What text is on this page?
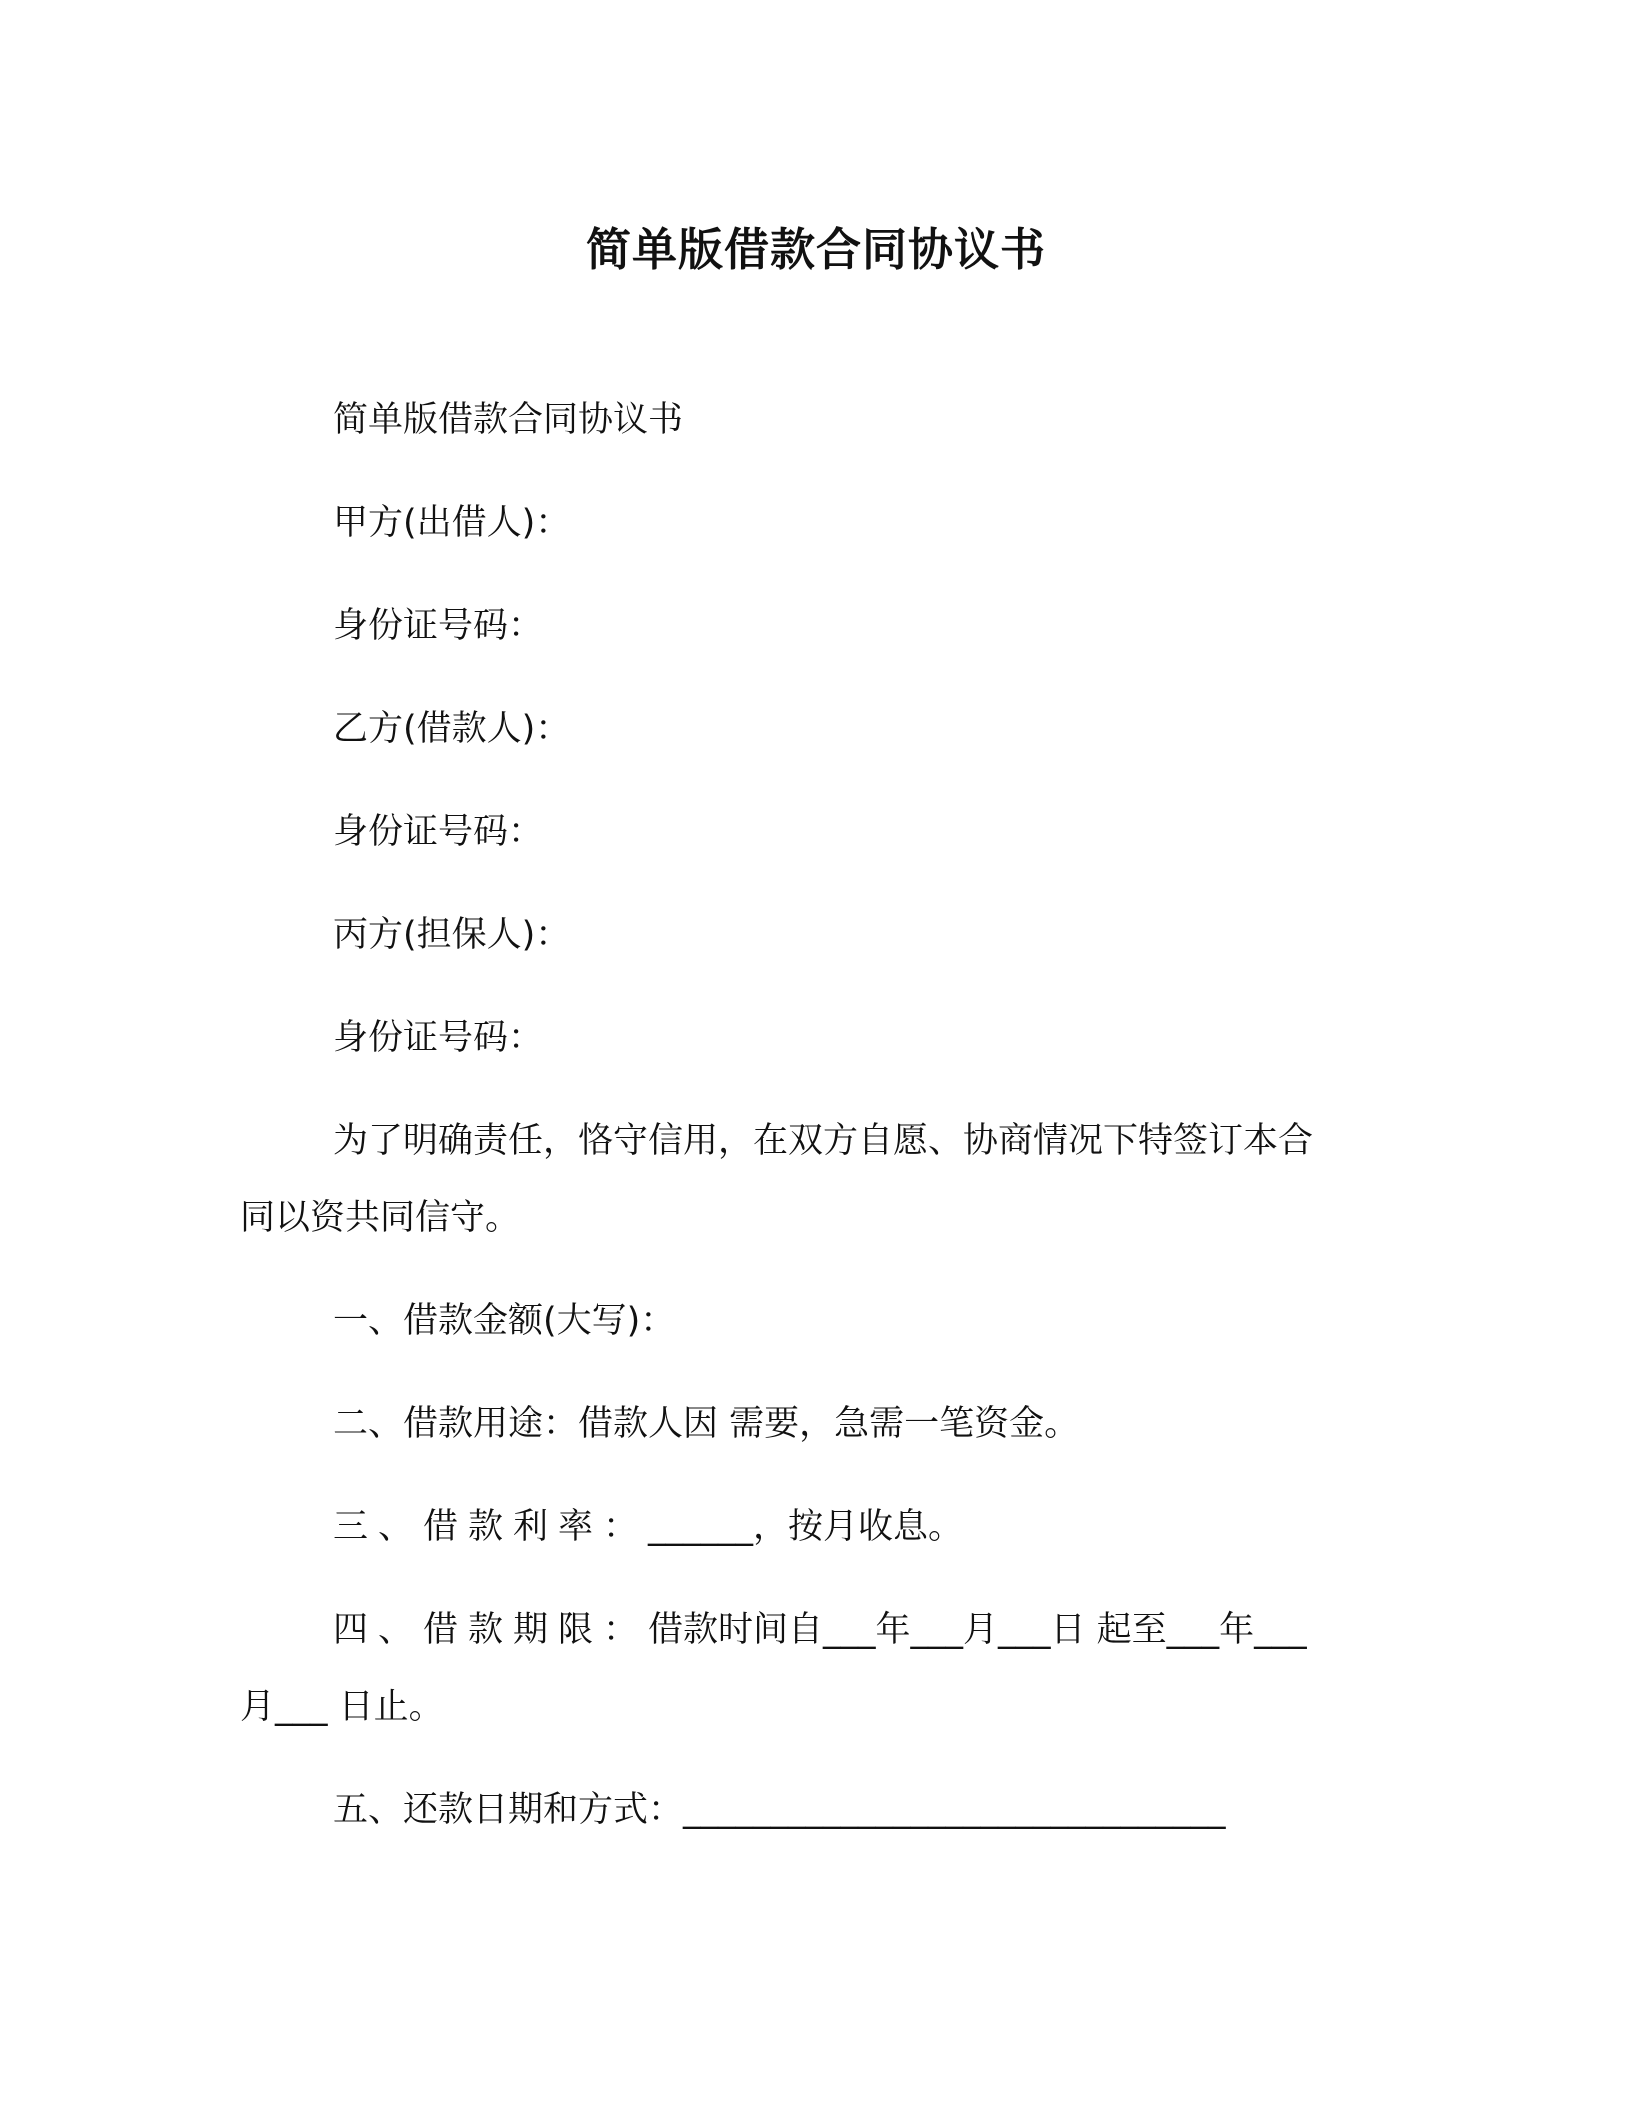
简单版借款合同协议书
简单版借款合同协议书
甲方(出借人)：
身份证号码：
乙方(借款人)：
身份证号码：
丙方(担保人)：
身份证号码：
为了明确责任，恪守信用，在双方自愿、协商情况下特签订本合
同以资共同信守。
一、借款金额(大写)：
二、借款用途：借款人因 需要，急需一笔资金。
三、借款利率：______，按月收息。
四、借款期限：借款时间自___年___月___日 起至___年___
月___ 日止。
五、还款日期和方式：_______________________________
